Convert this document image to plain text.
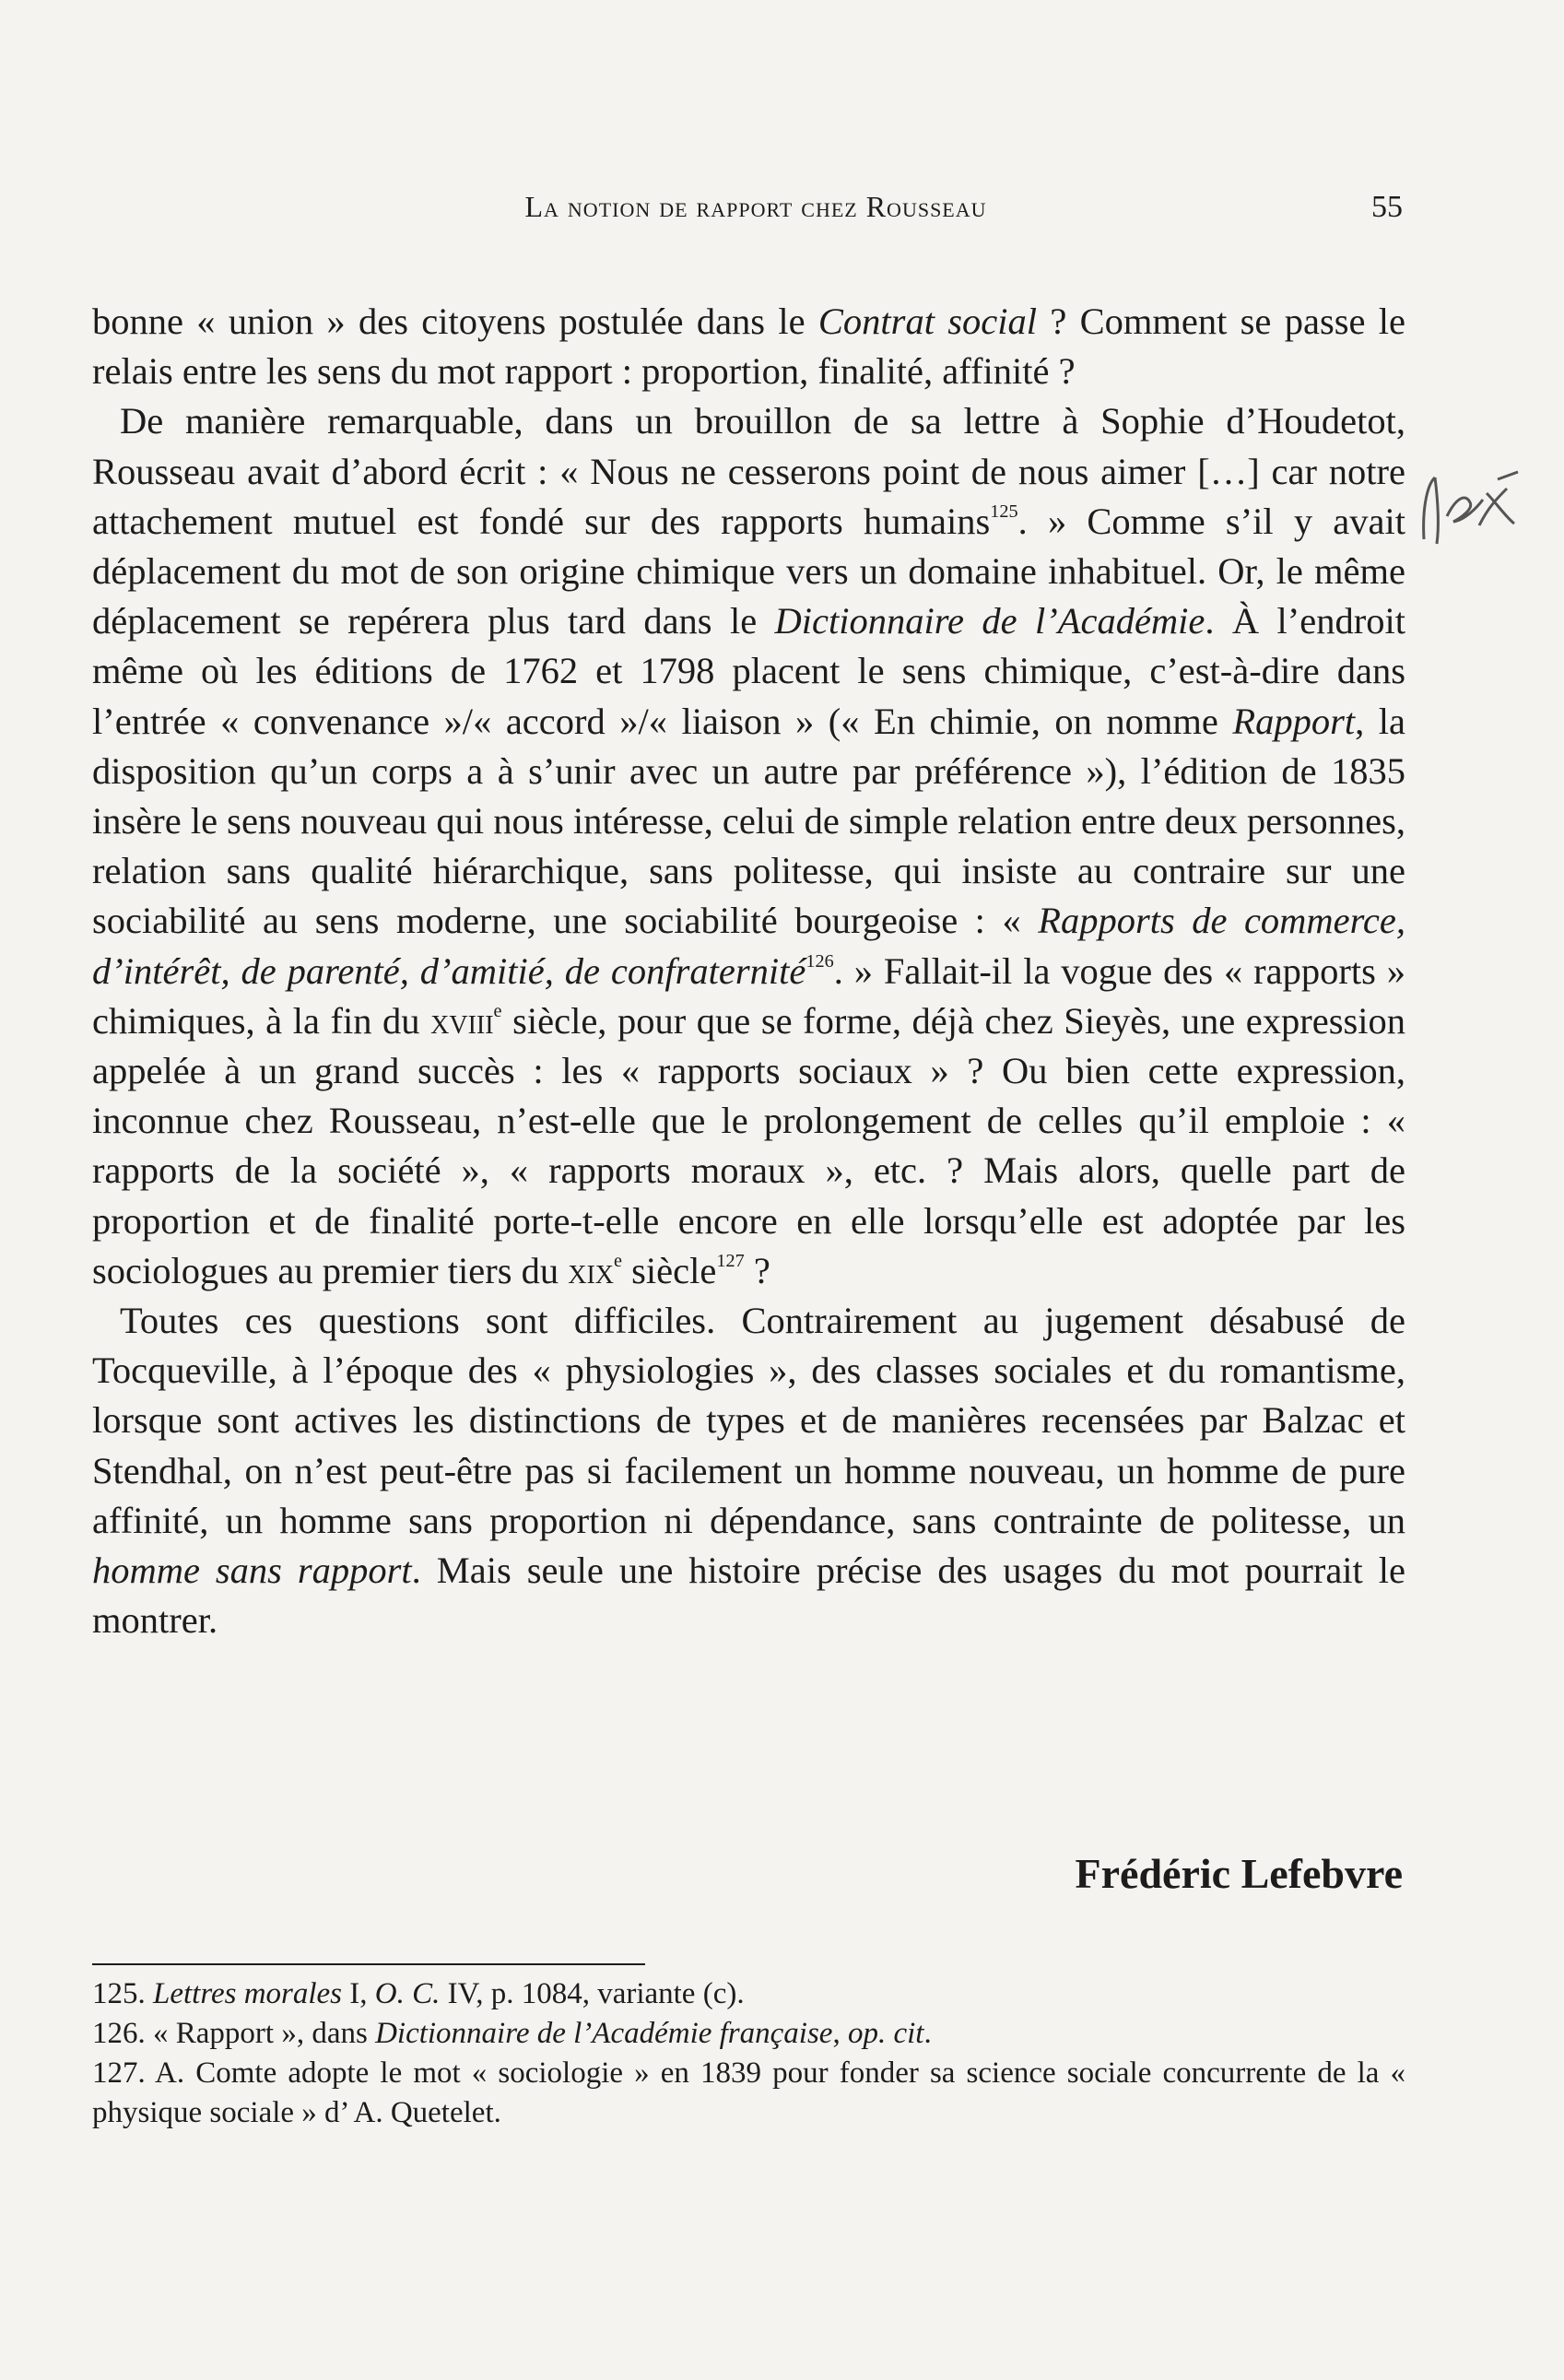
La notion de rapport chez Rousseau	55

bonne « union » des citoyens postulée dans le Contrat social ? Comment se passe le relais entre les sens du mot rapport : proportion, finalité, affinité ?

De manière remarquable, dans un brouillon de sa lettre à Sophie d’Houdetot, Rousseau avait d’abord écrit : « Nous ne cesserons point de nous aimer […] car notre attachement mutuel est fondé sur des rapports humains$^{125}$. » Comme s’il y avait déplacement du mot de son origine chimique vers un domaine inhabituel. Or, le même déplacement se repérera plus tard dans le Dictionnaire de l’Académie. À l’endroit même où les éditions de 1762 et 1798 placent le sens chimique, c’est-à-dire dans l’entrée « convenance »/« accord »/« liaison » (« En chimie, on nomme Rapport, la disposition qu’un corps a à s’unir avec un autre par préférence »), l’édition de 1835 insère le sens nouveau qui nous intéresse, celui de simple relation entre deux personnes, relation sans qualité hiérarchique, sans politesse, qui insiste au contraire sur une sociabilité au sens moderne, une sociabilité bourgeoise : « Rapports de commerce, d’intérêt, de parenté, d’amitié, de confraternité$^{126}$. » Fallait-il la vogue des « rapports » chimiques, à la fin du xviii$^e$ siècle, pour que se forme, déjà chez Sieyès, une expression appelée à un grand succès : les « rapports sociaux » ? Ou bien cette expression, inconnue chez Rousseau, n’est-elle que le prolongement de celles qu’il emploie : « rapports de la société », « rapports moraux », etc. ? Mais alors, quelle part de proportion et de finalité porte-t-elle encore en elle lorsqu’elle est adoptée par les sociologues au premier tiers du xix$^e$ siècle$^{127}$ ?

Toutes ces questions sont difficiles. Contrairement au jugement désabusé de Tocqueville, à l’époque des « physiologies », des classes sociales et du romantisme, lorsque sont actives les distinctions de types et de manières recensées par Balzac et Stendhal, on n’est peut-être pas si facilement un homme nouveau, un homme de pure affinité, un homme sans proportion ni dépendance, sans contrainte de politesse, un homme sans rapport. Mais seule une histoire précise des usages du mot pourrait le montrer.

Frédéric Lefebvre

125. Lettres morales I, O. C. IV, p. 1084, variante (c).

126. « Rapport », dans Dictionnaire de l’Académie française, op. cit.

127. A. Comte adopte le mot « sociologie » en 1839 pour fonder sa science sociale concurrente de la « physique sociale » d’ A. Quetelet.
